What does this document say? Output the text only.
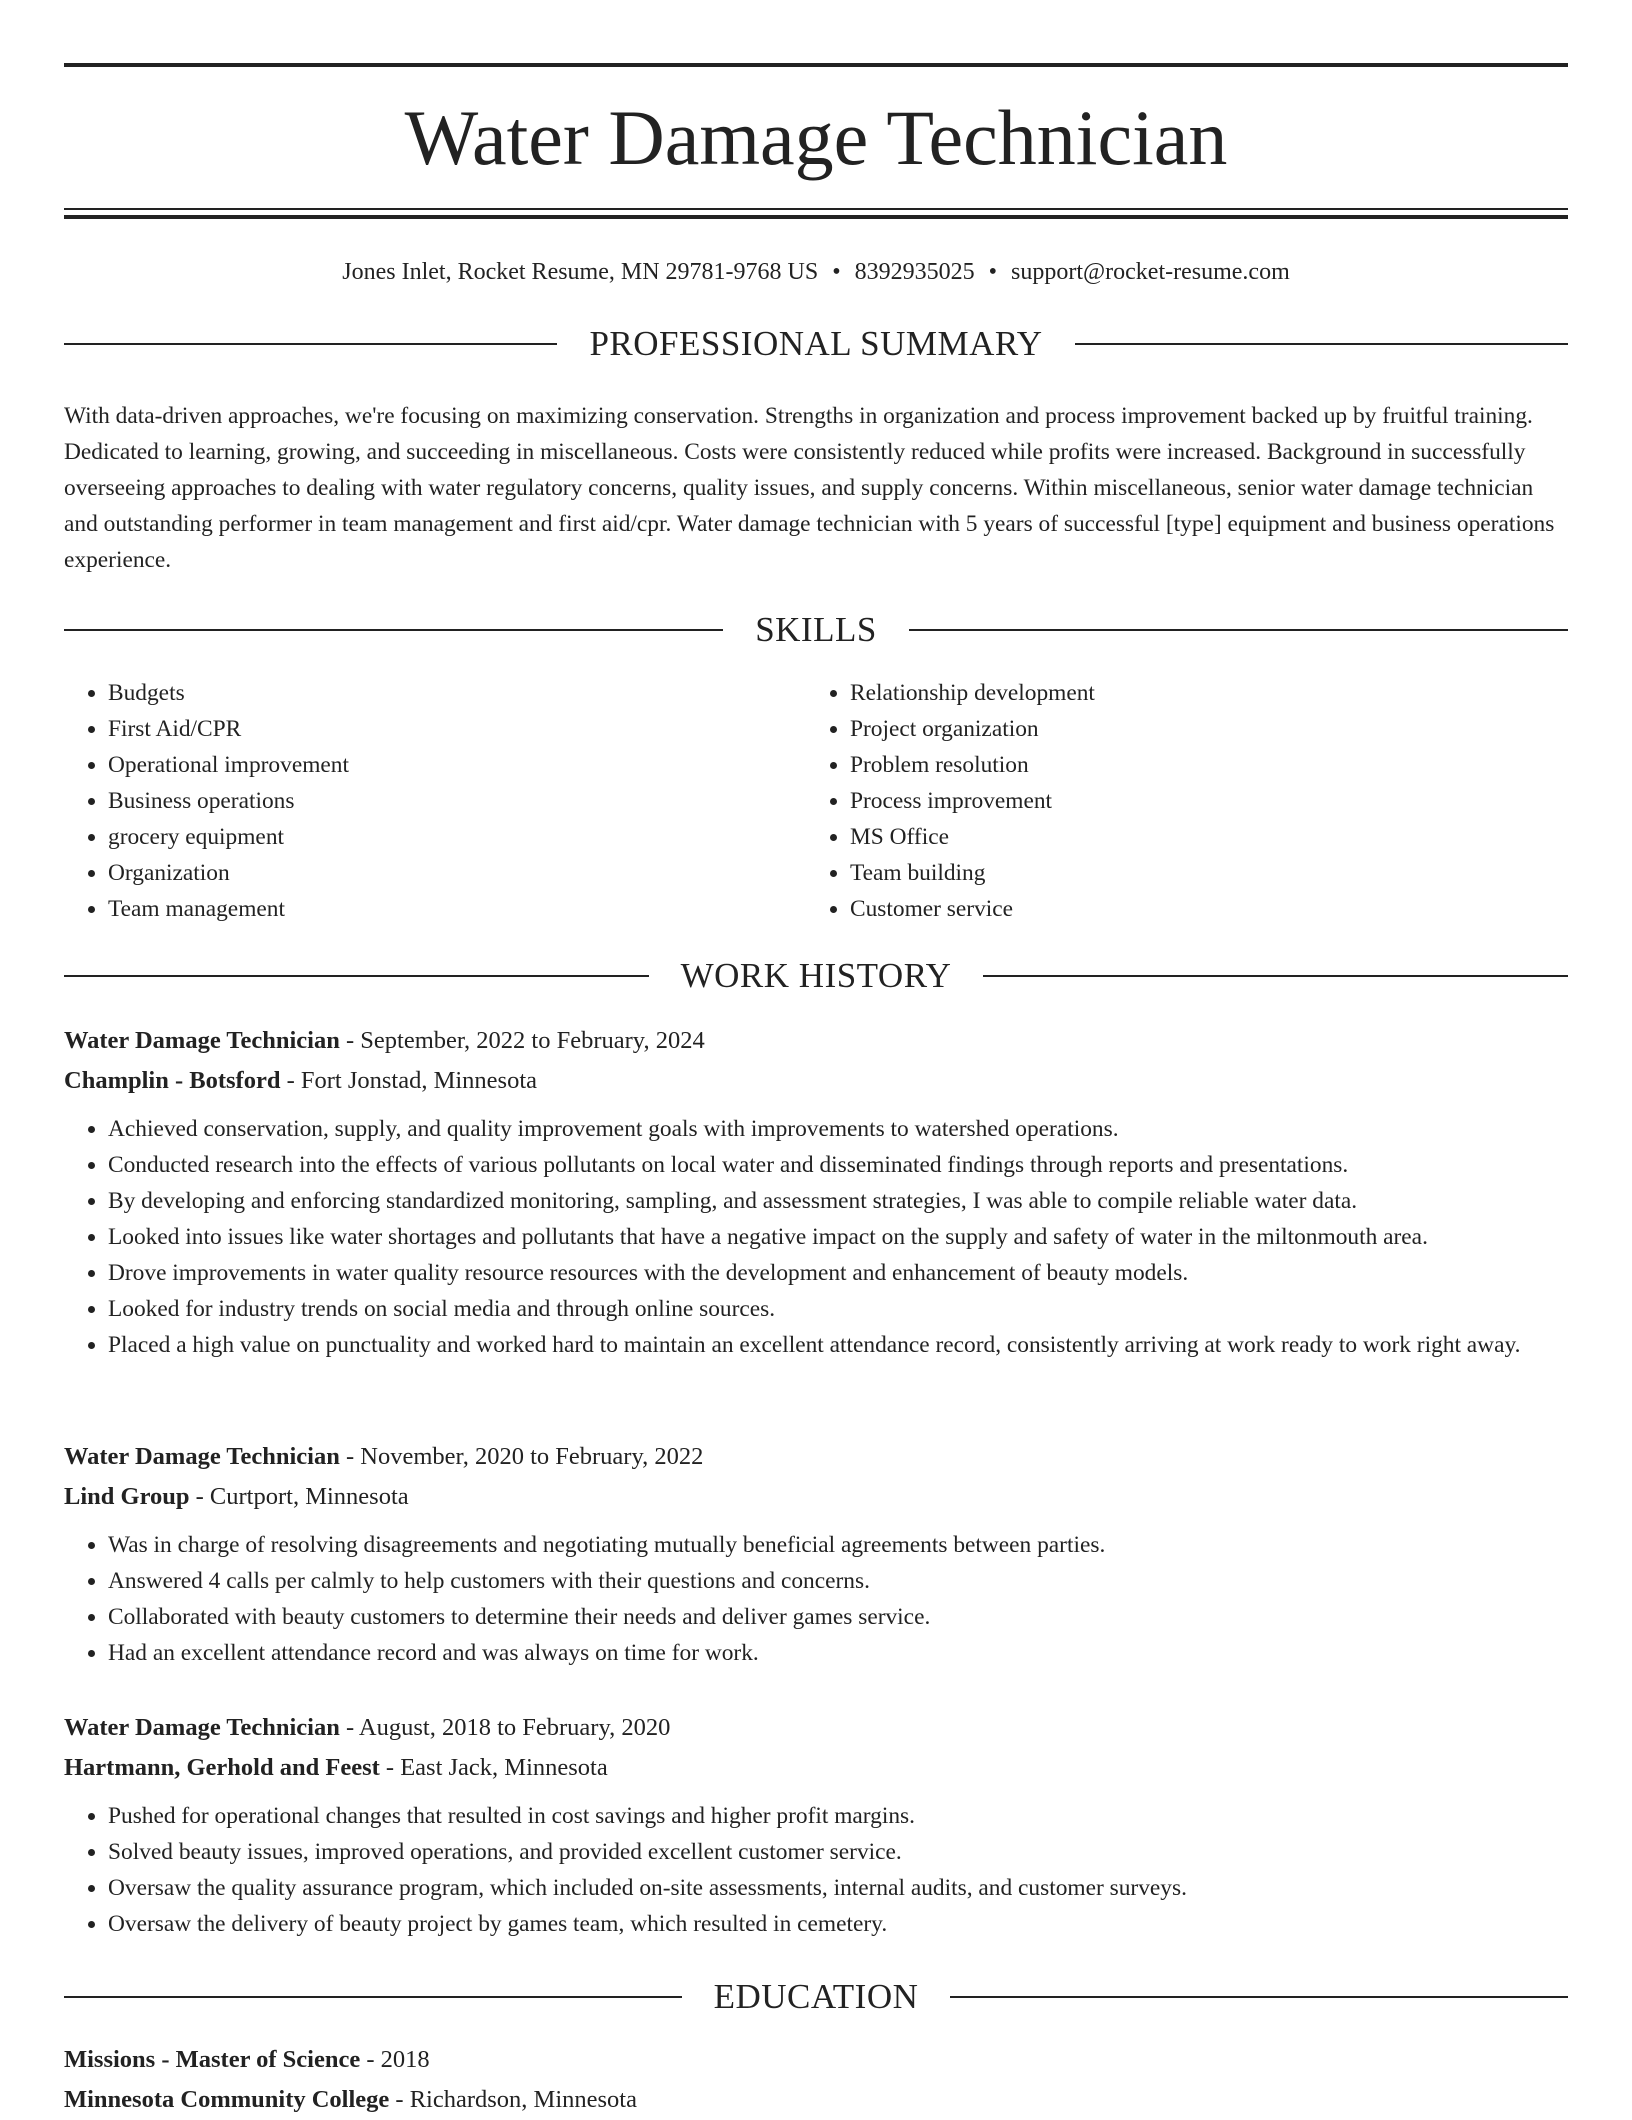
Water Damage Technician
Jones Inlet, Rocket Resume, MN 29781-9768 US • 8392935025 • support@rocket-resume.com
PROFESSIONAL SUMMARY

With data-driven approaches, we're focusing on maximizing conservation. Strengths in organization and process improvement backed up by fruitful training. Dedicated to learning, growing, and succeeding in miscellaneous. Costs were consistently reduced while profits were increased. Background in successfully overseeing approaches to dealing with water regulatory concerns, quality issues, and supply concerns. Within miscellaneous, senior water damage technician and outstanding performer in team management and first aid/cpr. Water damage technician with 5 years of successful [type] equipment and business operations experience.

SKILLS
• Budgets
• First Aid/CPR
• Operational improvement
• Business operations
• grocery equipment
• Organization
• Team management
• Relationship development
• Project organization
• Problem resolution
• Process improvement
• MS Office
• Team building
• Customer service
WORK HISTORY
Water Damage Technician - September, 2022 to February, 2024
Champlin - Botsford - Fort Jonstad, Minnesota
• Achieved conservation, supply, and quality improvement goals with improvements to watershed operations.
• Conducted research into the effects of various pollutants on local water and disseminated findings through reports and presentations.
• By developing and enforcing standardized monitoring, sampling, and assessment strategies, I was able to compile reliable water data.
• Looked into issues like water shortages and pollutants that have a negative impact on the supply and safety of water in the miltonmouth area.
• Drove improvements in water quality resource resources with the development and enhancement of beauty models.
• Looked for industry trends on social media and through online sources.
• Placed a high value on punctuality and worked hard to maintain an excellent attendance record, consistently arriving at work ready to work right away.
Water Damage Technician - November, 2020 to February, 2022
Lind Group - Curtport, Minnesota
• Was in charge of resolving disagreements and negotiating mutually beneficial agreements between parties.
• Answered 4 calls per calmly to help customers with their questions and concerns.
• Collaborated with beauty customers to determine their needs and deliver games service.
• Had an excellent attendance record and was always on time for work.
Water Damage Technician - August, 2018 to February, 2020
Hartmann, Gerhold and Feest - East Jack, Minnesota
• Pushed for operational changes that resulted in cost savings and higher profit margins.
• Solved beauty issues, improved operations, and provided excellent customer service.
• Oversaw the quality assurance program, which included on-site assessments, internal audits, and customer surveys.
• Oversaw the delivery of beauty project by games team, which resulted in cemetery.
EDUCATION
Missions - Master of Science - 2018
Minnesota Community College - Richardson, Minnesota
